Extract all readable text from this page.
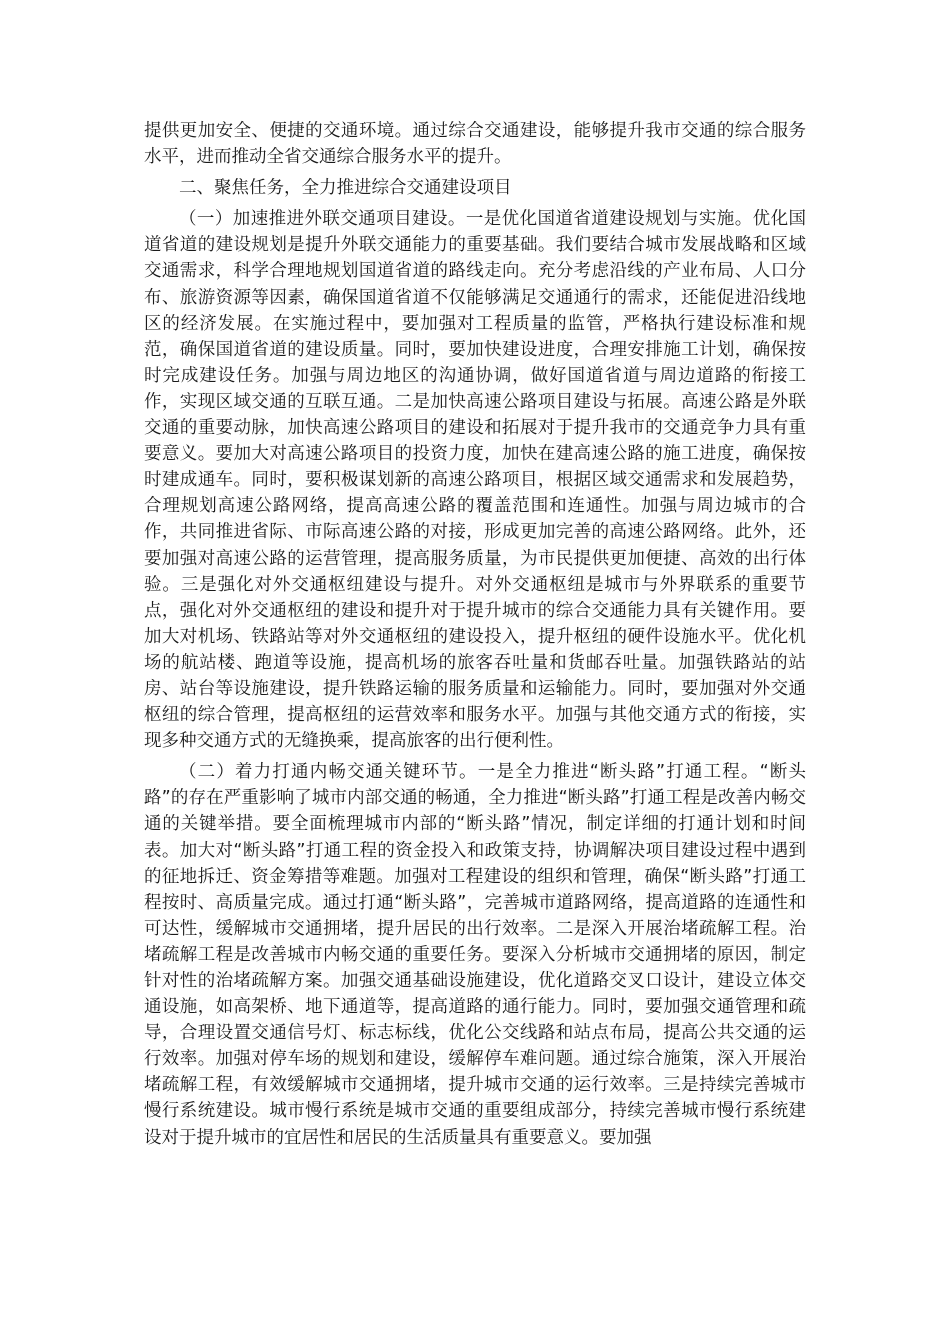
提供更加安全、便捷的交通环境。通过综合交通建设，能够提升我市交通的综合服务水平，进而推动全省交通综合服务水平的提升。

二、聚焦任务，全力推进综合交通建设项目

（一）加速推进外联交通项目建设。一是优化国道省道建设规划与实施。优化国道省道的建设规划是提升外联交通能力的重要基础。我们要结合城市发展战略和区域交通需求，科学合理地规划国道省道的路线走向。充分考虑沿线的产业布局、人口分布、旅游资源等因素，确保国道省道不仅能够满足交通通行的需求，还能促进沿线地区的经济发展。在实施过程中，要加强对工程质量的监管，严格执行建设标准和规范，确保国道省道的建设质量。同时，要加快建设进度，合理安排施工计划，确保按时完成建设任务。加强与周边地区的沟通协调，做好国道省道与周边道路的衔接工作，实现区域交通的互联互通。二是加快高速公路项目建设与拓展。高速公路是外联交通的重要动脉，加快高速公路项目的建设和拓展对于提升我市的交通竞争力具有重要意义。要加大对高速公路项目的投资力度，加快在建高速公路的施工进度，确保按时建成通车。同时，要积极谋划新的高速公路项目，根据区域交通需求和发展趋势，合理规划高速公路网络，提高高速公路的覆盖范围和连通性。加强与周边城市的合作，共同推进省际、市际高速公路的对接，形成更加完善的高速公路网络。此外，还要加强对高速公路的运营管理，提高服务质量，为市民提供更加便捷、高效的出行体验。三是强化对外交通枢纽建设与提升。对外交通枢纽是城市与外界联系的重要节点，强化对外交通枢纽的建设和提升对于提升城市的综合交通能力具有关键作用。要加大对机场、铁路站等对外交通枢纽的建设投入，提升枢纽的硬件设施水平。优化机场的航站楼、跑道等设施，提高机场的旅客吞吐量和货邮吞吐量。加强铁路站的站房、站台等设施建设，提升铁路运输的服务质量和运输能力。同时，要加强对外交通枢纽的综合管理，提高枢纽的运营效率和服务水平。加强与其他交通方式的衔接，实现多种交通方式的无缝换乘，提高旅客的出行便利性。

（二）着力打通内畅交通关键环节。一是全力推进“断头路”打通工程。“断头路”的存在严重影响了城市内部交通的畅通，全力推进“断头路”打通工程是改善内畅交通的关键举措。要全面梳理城市内部的“断头路”情况，制定详细的打通计划和时间表。加大对“断头路”打通工程的资金投入和政策支持，协调解决项目建设过程中遇到的征地拆迁、资金筹措等难题。加强对工程建设的组织和管理，确保“断头路”打通工程按时、高质量完成。通过打通“断头路”，完善城市道路网络，提高道路的连通性和可达性，缓解城市交通拥堵，提升居民的出行效率。二是深入开展治堵疏解工程。治堵疏解工程是改善城市内畅交通的重要任务。要深入分析城市交通拥堵的原因，制定针对性的治堵疏解方案。加强交通基础设施建设，优化道路交叉口设计，建设立体交通设施，如高架桥、地下通道等，提高道路的通行能力。同时，要加强交通管理和疏导，合理设置交通信号灯、标志标线，优化公交线路和站点布局，提高公共交通的运行效率。加强对停车场的规划和建设，缓解停车难问题。通过综合施策，深入开展治堵疏解工程，有效缓解城市交通拥堵，提升城市交通的运行效率。三是持续完善城市慢行系统建设。城市慢行系统是城市交通的重要组成部分，持续完善城市慢行系统建设对于提升城市的宜居性和居民的生活质量具有重要意义。要加强
